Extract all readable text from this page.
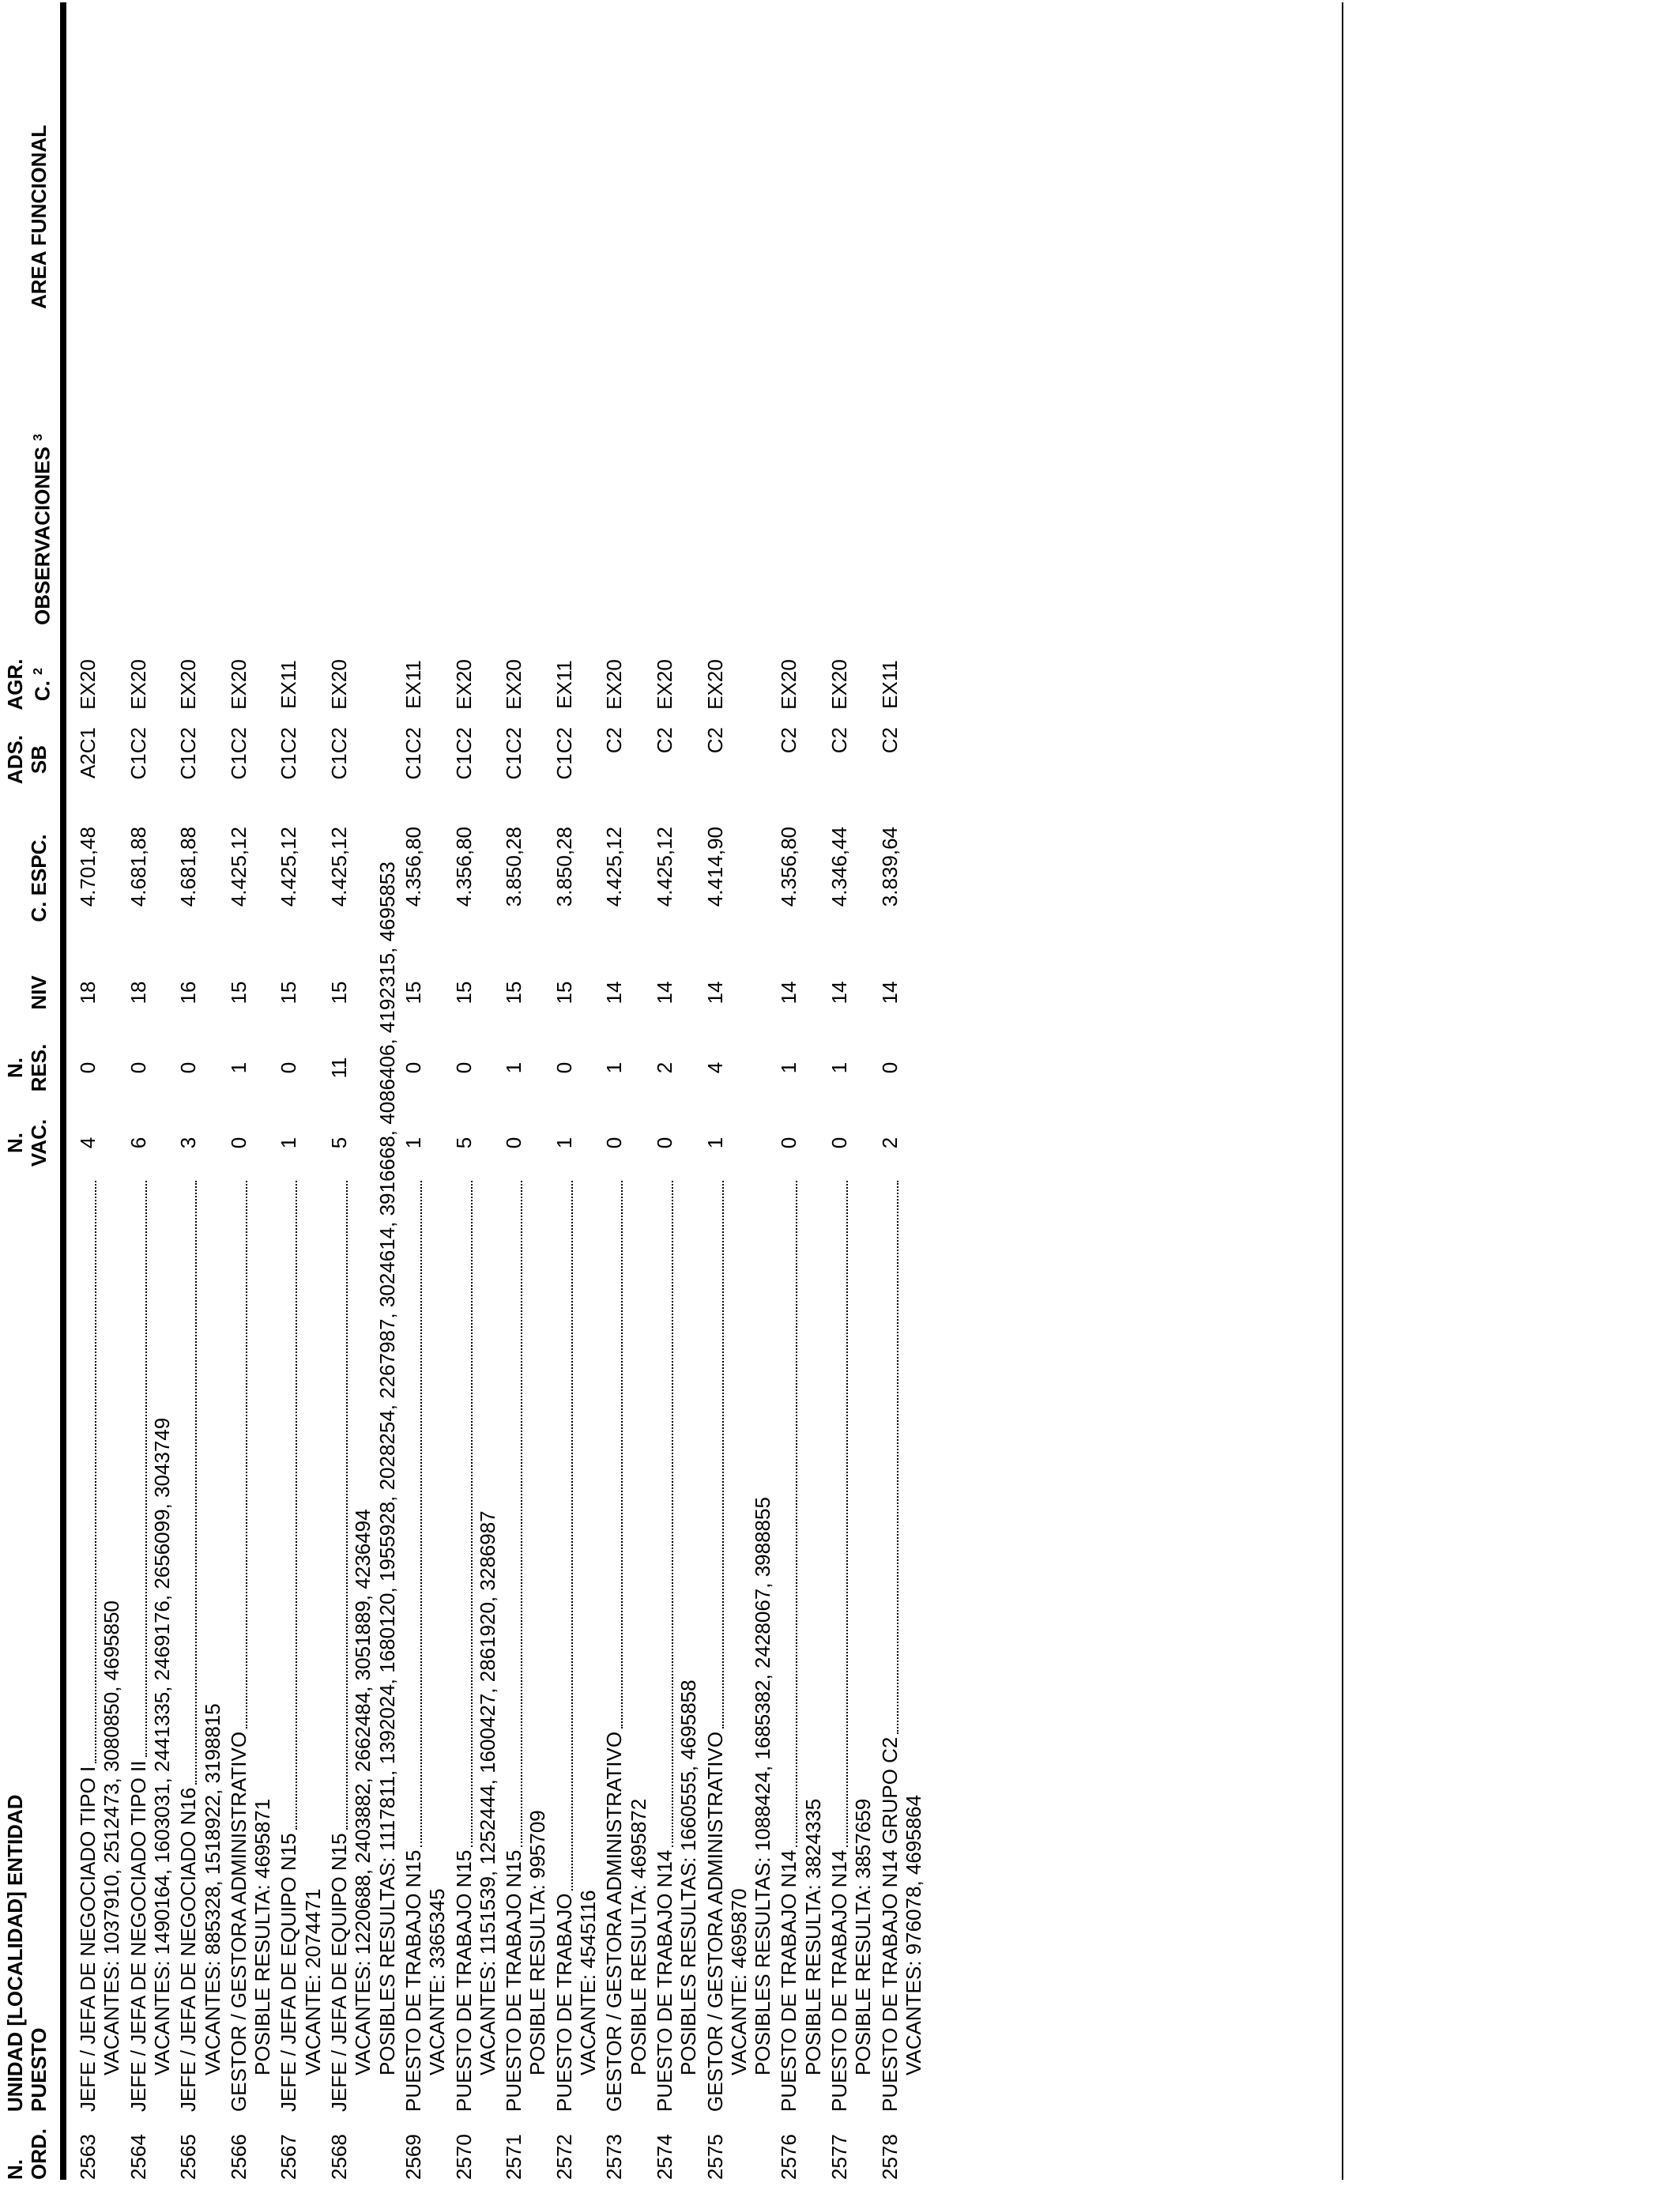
N. ORD.
UNIDAD [LOCALIDAD] ENTIDAD PUESTO
N. VAC.
N. RES.
NIV
C. ESPC.
ADS. SB
AGR. C. $^2$
OBSERVACIONES $^3$
AREA FUNCIONAL
2563
JEFE / JEFA DE NEGOCIADO TIPO I
4
0
18
4.701,48
A2C1
EX20
VACANTES: 1037910, 2512473, 3080850, 4695850
2564
JEFE / JEFA DE NEGOCIADO TIPO II
6
0
18
4.681,88
C1C2
EX20
VACANTES: 1490164, 1603031, 2441335, 2469176, 2656099, 3043749
2565
JEFE / JEFA DE NEGOCIADO N16
3
0
16
4.681,88
C1C2
EX20
VACANTES: 885328, 1518922, 3198815
2566
GESTOR / GESTORA ADMINISTRATIVO
0
1
15
4.425,12
C1C2
EX20
POSIBLE RESULTA: 4695871
2567
JEFE / JEFA DE EQUIPO N15
1
0
15
4.425,12
C1C2
EX11
VACANTE: 2074471
2568
JEFE / JEFA DE EQUIPO N15
5
11
15
4.425,12
C1C2
EX20
VACANTES: 1220688, 2403882, 2662484, 3051889, 4236494 POSIBLES RESULTAS: 1117811, 1392024, 1680120, 1955928, 2028254, 2267987, 3024614, 3916668, 4086406, 4192315, 4695853
2569
PUESTO DE TRABAJO N15
1
0
15
4.356,80
C1C2
EX11
VACANTE: 3365345
2570
PUESTO DE TRABAJO N15
5
0
15
4.356,80
C1C2
EX20
VACANTES: 1151539, 1252444, 1600427, 2861920, 3286987
2571
PUESTO DE TRABAJO N15
0
1
15
3.850,28
C1C2
EX20
POSIBLE RESULTA: 995709
2572
PUESTO DE TRABAJO
1
0
15
3.850,28
C1C2
EX11
VACANTE: 4545116
2573
GESTOR / GESTORA ADMINISTRATIVO
0
1
14
4.425,12
C2
EX20
POSIBLE RESULTA: 4695872
2574
PUESTO DE TRABAJO N14
0
2
14
4.425,12
C2
EX20
POSIBLES RESULTAS: 1660555, 4695858
2575
GESTOR / GESTORA ADMINISTRATIVO
1
4
14
4.414,90
C2
EX20
VACANTE: 4695870 POSIBLES RESULTAS: 1088424, 1685382, 2428067, 3988855
2576
PUESTO DE TRABAJO N14
0
1
14
4.356,80
C2
EX20
POSIBLE RESULTA: 3824335
2577
PUESTO DE TRABAJO N14
0
1
14
4.346,44
C2
EX20
POSIBLE RESULTA: 3857659
2578
PUESTO DE TRABAJO N14 GRUPO C2
2
0
14
3.839,64
C2
EX11
VACANTES: 976078, 4695864
